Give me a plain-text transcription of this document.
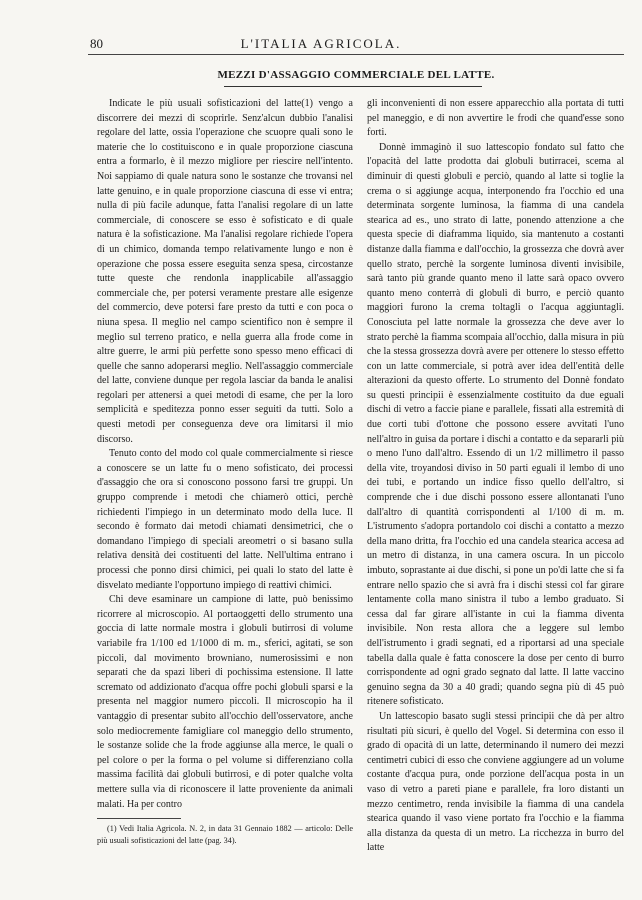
80	L'ITALIA AGRICOLA.
MEZZI D'ASSAGGIO COMMERCIALE DEL LATTE.

Indicate le più usuali sofisticazioni del latte(1) vengo a discorrere dei mezzi di scoprirle. Senz'alcun dubbio l'analisi regolare del latte, ossia l'operazione che scuopre quali sono le materie che lo costituiscono e in quale proporzione ciascuna entra a formarlo, è il mezzo migliore per riescire nell'intento. Noi sappiamo di quale natura sono le sostanze che trovansi nel latte genuino, e in quale proporzione ciascuna di esse vi entra; nulla di più facile adunque, fatta l'analisi regolare di un latte commerciale, di conoscere se esso è sofisticato e di quale natura è la sofisticazione. Ma l'analisi regolare richiede l'opera di un chimico, domanda tempo relativamente lungo e non è operazione che possa essere eseguita senza spesa, circostanze tutte queste che rendonla inapplicabile all'assaggio commerciale che, per potersi veramente prestare alle esigenze del commercio, deve potersi fare presto da tutti e con poca o niuna spesa. Il meglio nel campo scientifico non è sempre il meglio sul terreno pratico, e nella guerra alla frode come in altre guerre, le armi più perfette sono spesso meno efficaci di quelle che sanno adoperarsi meglio. Nell'assaggio commerciale del latte, conviene dunque per regola lasciar da banda le analisi regolari per attenersi a quei metodi di esame, che per la loro semplicità e speditezza ponno esser seguiti da tutti. Solo a questi metodi per conseguenza deve ora limitarsi il mio discorso.

Tenuto conto del modo col quale commercialmente si riesce a conoscere se un latte fu o meno sofisticato, dei processi d'assaggio che ora si conoscono possono farsi tre gruppi. Un gruppo comprende i metodi che chiamerò ottici, perchè richiedenti l'impiego in un determinato modo della luce. Il secondo è formato dai metodi chiamati densimetrici, che o domandano l'impiego di speciali areometri o si basano sulla relativa densità dei costituenti del latte. Nell'ultima entrano i processi che ponno dirsi chimici, pei quali lo stato del latte è disvelato mediante l'opportuno impiego di reattivi chimici.

Chi deve esaminare un campione di latte, può benissimo ricorrere al microscopio. Al portaoggetti dello strumento una goccia di latte normale mostra i globuli butirrosi di volume variabile fra 1/100 ed 1/1000 di m. m., sferici, agitati, se son piccoli, dal movimento browniano, numerosissimi e non separati che da spazi liberi di pochissima estensione. Il latte scremato od addizionato d'acqua offre pochi globuli sparsi e la presenta nel maggior numero piccoli. Il microscopio ha il vantaggio di presentar subito all'occhio dell'osservatore, anche solo mediocremente famigliare col maneggio dello strumento, le sostanze solide che la frode aggiunse alla merce, le quali o pel colore o per la forma o pel volume si differenziano colla massima facilità dai globuli butirrosi, e di poter qualche volta mettere sulla via di riconoscere il latte proveniente da animali malati. Ha per contro

gli inconvenienti di non essere apparecchio alla portata di tutti pel maneggio, e di non avvertire le frodi che quand'esse sono forti.

Donnè immaginò il suo lattescopio fondato sul fatto che l'opacità del latte prodotta dai globuli butirracei, scema al diminuir di questi globuli e perciò, quando al latte si toglie la crema o si aggiunge acqua, interponendo fra l'occhio ed una determinata sorgente luminosa, la fiamma di una candela stearica ad es., uno strato di latte, ponendo attenzione a che questa specie di diaframma liquido, sia mantenuto a costanti distanze dalla fiamma e dall'occhio, la grossezza che dovrà aver quello strato, perchè la sorgente luminosa diventi invisibile, sarà tanto più grande quanto meno il latte sarà opaco ovvero quanto meno conterrà di globuli di burro, e perciò quanto maggiori furono la crema toltagli o l'acqua aggiuntagli. Conosciuta pel latte normale la grossezza che deve aver lo strato perchè la fiamma scompaia all'occhio, dalla misura in più che la stessa grossezza dovrà avere per ottenere lo stesso effetto con un latte commerciale, si potrà aver idea dell'entità delle alterazioni da questo offerte. Lo strumento del Donnè fondato su questi principii è essenzialmente costituito da due eguali dischi di vetro a faccie piane e parallele, fissati alla estremità di due corti tubi d'ottone che possono essere avvitati l'uno nell'altro in guisa da portare i dischi a contatto e da separarli più o meno l'uno dall'altro. Essendo di un 1/2 millimetro il passo della vite, troyandosi diviso in 50 parti eguali il lembo di uno dei tubi, e portando un indice fisso quello dell'altro, si comprende che i due dischi possono essere allontanati l'uno dall'altro di quantità corrispondenti al 1/100 di m. m. L'istrumento s'adopra portandolo coi dischi a contatto a mezzo della mano dritta, fra l'occhio ed una candela stearica accesa ad un metro di distanza, in una camera oscura. In un piccolo imbuto, soprastante ai due dischi, si pone un po'di latte che si fa entrare nello spazio che si avrà fra i dischi stessi col far girare lentamente colla mano sinistra il tubo a lembo graduato. Si cessa dal far girare all'istante in cui la fiamma diventa invisibile. Non resta allora che a leggere sul lembo dell'istrumento i gradi segnati, ed a riportarsi ad una speciale tabella dalla quale è fatta conoscere la dose per cento di burro corrispondente ad ogni grado segnato dal latte. Il latte vaccino genuino segna da 30 a 40 gradi; quando segna più di 45 può ritenere sofisticato.

Un lattescopio basato sugli stessi principii che dà per altro risultati più sicuri, è quello del Vogel. Si determina con esso il grado di opacità di un latte, determinando il numero dei mezzi centimetri cubici di esso che conviene aggiungere ad un volume costante d'acqua pura, onde porzione dell'acqua posta in un vaso di vetro a pareti piane e parallele, fra loro distanti un mezzo centimetro, renda invisibile la fiamma di una candela stearica quando il vaso viene portato fra l'occhio e la fiamma alla distanza da questa di un metro. La ricchezza in burro del latte

(1) Vedi Italia Agricola. N. 2, in data 31 Gennaio 1882 — articolo: Delle più usuali sofisticazioni del latte (pag. 34).
